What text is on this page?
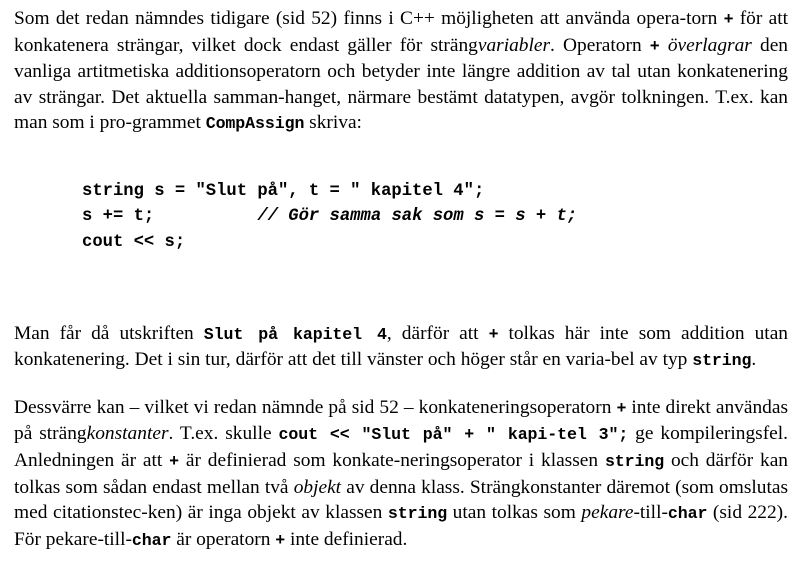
Som det redan nämndes tidigare (sid 52) finns i C++ möjligheten att använda opera-torn + för att konkatenera strängar, vilket dock endast gäller för strängvariabler. Operatorn + överlagrar den vanliga artitmetiska additionsoperatorn och betyder inte längre addition av tal utan konkatenering av strängar. Det aktuella samman-hanget, närmare bestämt datatypen, avgör tolkningen. T.ex. kan man som i pro-grammet CompAssign skriva:

string s = "Slut på", t = " kapitel 4";
s += t;	// Gör samma sak som s = s + t;
cout << s;

Man får då utskriften Slut på kapitel 4, därför att + tolkas här inte som addition utan konkatenering. Det i sin tur, därför att det till vänster och höger står en varia-bel av typ string.

Dessvärre kan – vilket vi redan nämnde på sid 52 – konkateneringsoperatorn + inte direkt användas på strängkonstanter. T.ex. skulle cout << "Slut på" + " kapi-tel 3"; ge kompileringsfel. Anledningen är att + är definierad som konkate-neringsoperator i klassen string och därför kan tolkas som sådan endast mellan två objekt av denna klass. Strängkonstanter däremot (som omslutas med citationstec-ken) är inga objekt av klassen string utan tolkas som pekare-till-char (sid 222). För pekare-till-char är operatorn + inte definierad.
